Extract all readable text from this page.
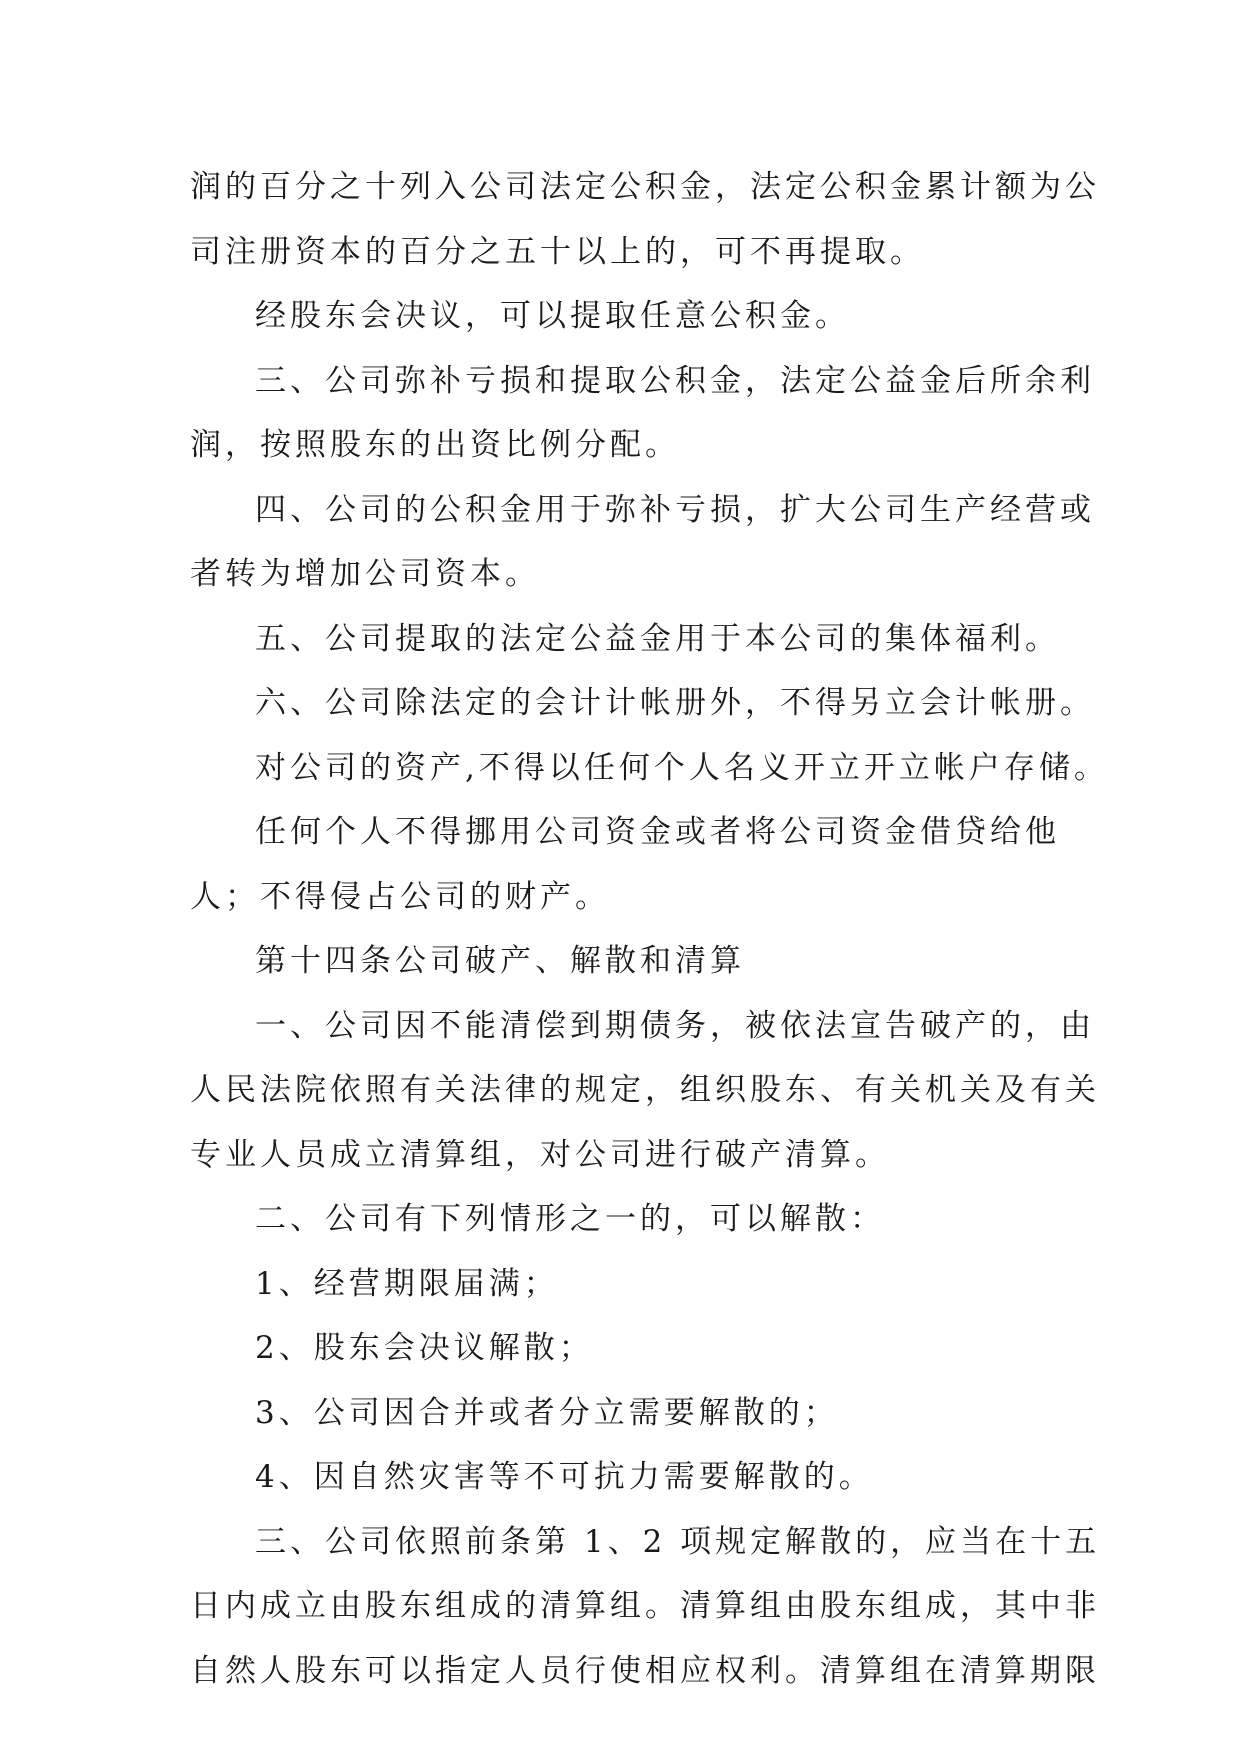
润的百分之十列入公司法定公积金，法定公积金累计额为公
司注册资本的百分之五十以上的，可不再提取。
经股东会决议，可以提取任意公积金。
三、公司弥补亏损和提取公积金，法定公益金后所余利
润，按照股东的出资比例分配。
四、公司的公积金用于弥补亏损，扩大公司生产经营或
者转为增加公司资本。
五、公司提取的法定公益金用于本公司的集体福利。
六、公司除法定的会计计帐册外，不得另立会计帐册。
对公司的资产,不得以任何个人名义开立开立帐户存储。
任何个人不得挪用公司资金或者将公司资金借贷给他
人；不得侵占公司的财产。
第十四条公司破产、解散和清算
一、公司因不能清偿到期债务，被依法宣告破产的，由
人民法院依照有关法律的规定，组织股东、有关机关及有关
专业人员成立清算组，对公司进行破产清算。
二、公司有下列情形之一的，可以解散：
1、经营期限届满；
2、股东会决议解散；
3、公司因合并或者分立需要解散的；
4、因自然灾害等不可抗力需要解散的。
三、公司依照前条第 1、2 项规定解散的，应当在十五
日内成立由股东组成的清算组。清算组由股东组成，其中非
自然人股东可以指定人员行使相应权利。清算组在清算期限
